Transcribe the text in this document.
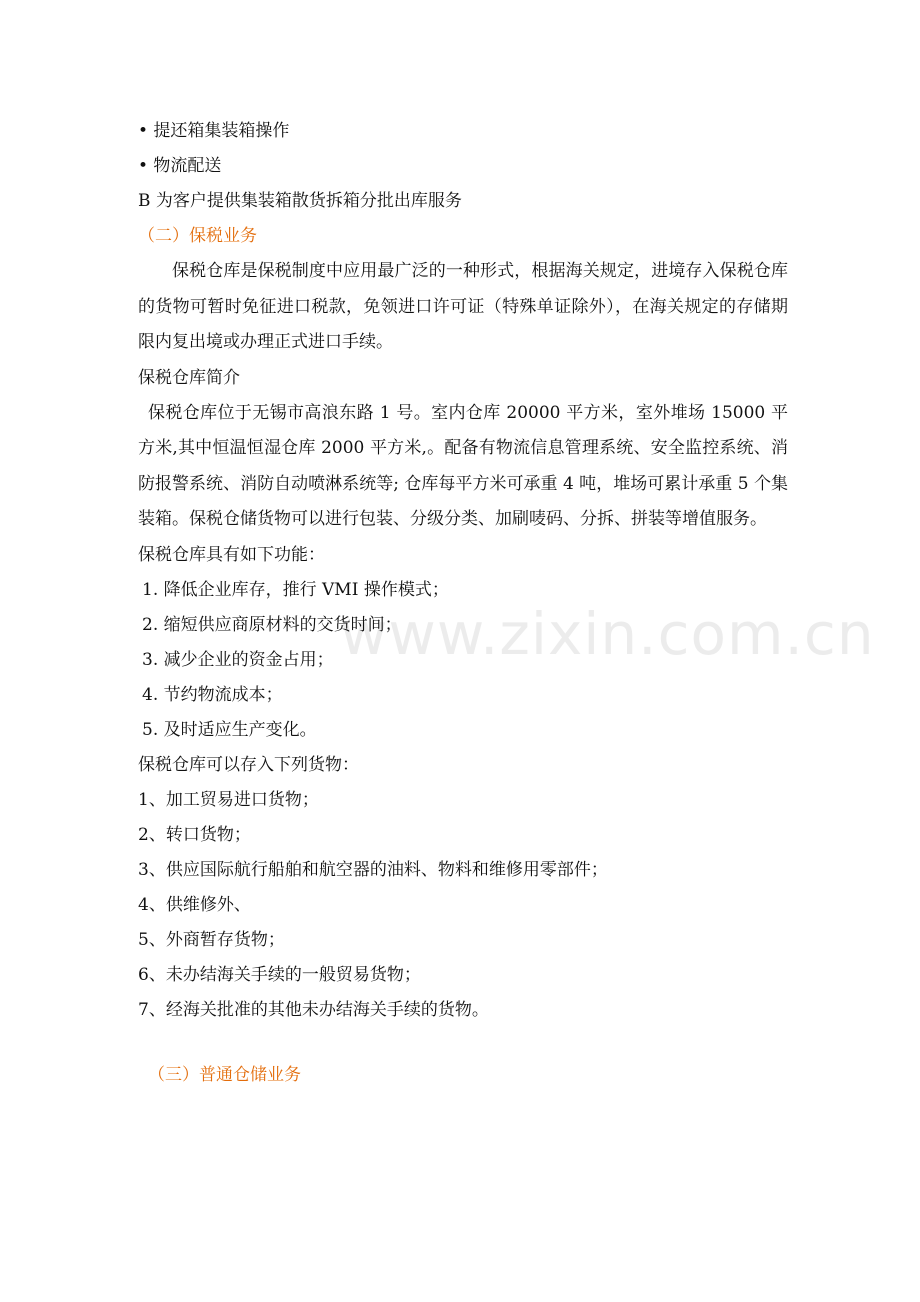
www.zixin.com.cn

• 提还箱集装箱操作

• 物流配送

B 为客户提供集装箱散货拆箱分批出库服务

（二）保税业务

保税仓库是保税制度中应用最广泛的一种形式，根据海关规定，进境存入保税仓库的货物可暂时免征进口税款，免领进口许可证（特殊单证除外），在海关规定的存储期限内复出境或办理正式进口手续。

保税仓库简介

保税仓库位于无锡市高浪东路 1 号。室内仓库 20000 平方米，室外堆场 15000 平方米,其中恒温恒湿仓库 2000 平方米,。配备有物流信息管理系统、安全监控系统、消防报警系统、消防自动喷淋系统等; 仓库每平方米可承重 4 吨，堆场可累计承重 5 个集装箱。保税仓储货物可以进行包装、分级分类、加刷唛码、分拆、拼装等增值服务。

保税仓库具有如下功能：

1. 降低企业库存，推行 VMI 操作模式；

2. 缩短供应商原材料的交货时间；

3. 减少企业的资金占用；

4. 节约物流成本；

5. 及时适应生产变化。

保税仓库可以存入下列货物：

1、加工贸易进口货物；

2、转口货物；

3、供应国际航行船舶和航空器的油料、物料和维修用零部件；

4、供维修外、

5、外商暂存货物；

6、未办结海关手续的一般贸易货物；

7、经海关批准的其他未办结海关手续的货物。

（三）普通仓储业务
